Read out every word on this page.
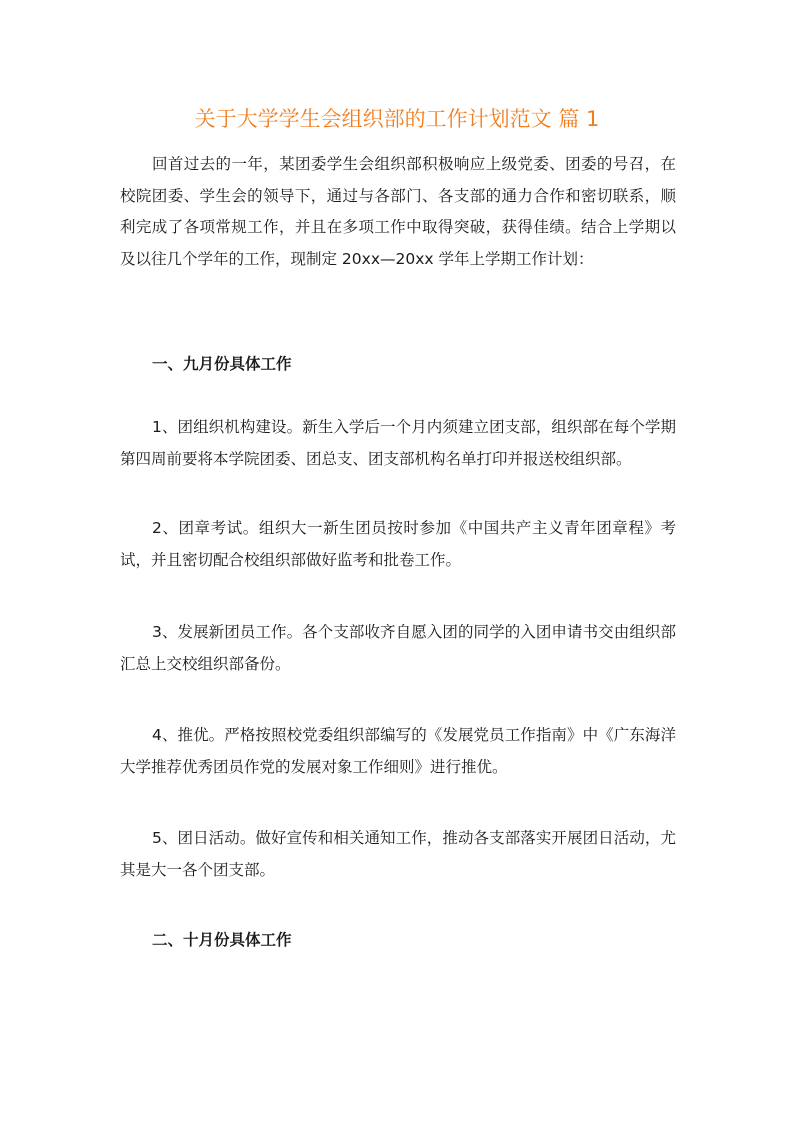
关于大学学生会组织部的工作计划范文 篇 1

回首过去的一年，某团委学生会组织部积极响应上级党委、团委的号召，在校院团委、学生会的领导下，通过与各部门、各支部的通力合作和密切联系，顺利完成了各项常规工作，并且在多项工作中取得突破，获得佳绩。结合上学期以及以往几个学年的工作，现制定 20xx—20xx 学年上学期工作计划：

一、九月份具体工作

1、团组织机构建设。新生入学后一个月内须建立团支部，组织部在每个学期第四周前要将本学院团委、团总支、团支部机构名单打印并报送校组织部。

2、团章考试。组织大一新生团员按时参加《中国共产主义青年团章程》考试，并且密切配合校组织部做好监考和批卷工作。

3、发展新团员工作。各个支部收齐自愿入团的同学的入团申请书交由组织部汇总上交校组织部备份。

4、推优。严格按照校党委组织部编写的《发展党员工作指南》中《广东海洋大学推荐优秀团员作党的发展对象工作细则》进行推优。

5、团日活动。做好宣传和相关通知工作，推动各支部落实开展团日活动，尤其是大一各个团支部。

二、十月份具体工作
